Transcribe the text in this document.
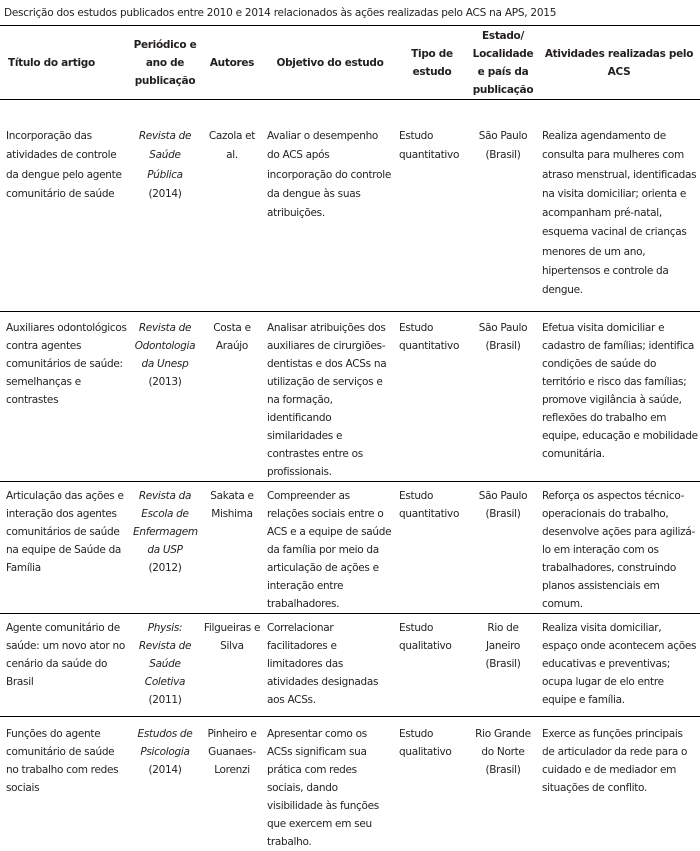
Descrição dos estudos publicados entre 2010 e 2014 relacionados às ações realizadas pelo ACS na APS, 2015
Título do artigo	Periódico e ano de publicação	Autores	Objetivo do estudo	Tipo de estudo	Estado/ Localidade e país da publicação	Atividades realizadas pelo ACS
Incorporação das atividades de controle da dengue pelo agente comunitário de saúde	Revista de Saúde Pública (2014)	Cazola et al.	Avaliar o desempenho do ACS após incorporação do controle da dengue às suas atribuições.	Estudo quantitativo	São Paulo (Brasil)	Realiza agendamento de consulta para mulheres com atraso menstrual, identificadas na visita domiciliar; orienta e acompanham pré-natal, esquema vacinal de crianças menores de um ano, hipertensos e controle da dengue.
Auxiliares odontológicos contra agentes comunitários de saúde: semelhanças e contrastes	Revista de Odontologia da Unesp (2013)	Costa e Araújo	Analisar atribuições dos auxiliares de cirurgiões-dentistas e dos ACSs na utilização de serviços e na formação, identificando similaridades e contrastes entre os profissionais.	Estudo quantitativo	São Paulo (Brasil)	Efetua visita domiciliar e cadastro de famílias; identifica condições de saúde do território e risco das famílias; promove vigilância à saúde, reflexões do trabalho em equipe, educação e mobilidade comunitária.
Articulação das ações e interação dos agentes comunitários de saúde na equipe de Saúde da Família	Revista da Escola de Enfermagem da USP (2012)	Sakata e Mishima	Compreender as relações sociais entre o ACS e a equipe de saúde da família por meio da articulação de ações e interação entre trabalhadores.	Estudo quantitativo	São Paulo (Brasil)	Reforça os aspectos técnico-operacionais do trabalho, desenvolve ações para agilizá-lo em interação com os trabalhadores, construindo planos assistenciais em comum.
Agente comunitário de saúde: um novo ator no cenário da saúde do Brasil	Physis: Revista de Saúde Coletiva (2011)	Filgueiras e Silva	Correlacionar facilitadores e limitadores das atividades designadas aos ACSs.	Estudo qualitativo	Rio de Janeiro (Brasil)	Realiza visita domiciliar, espaço onde acontecem ações educativas e preventivas; ocupa lugar de elo entre equipe e família.
Funções do agente comunitário de saúde no trabalho com redes sociais	Estudos de Psicologia (2014)	Pinheiro e Guanaes-Lorenzi	Apresentar como os ACSs significam sua prática com redes sociais, dando visibilidade às funções que exercem em seu trabalho.	Estudo qualitativo	Rio Grande do Norte (Brasil)	Exerce as funções principais de articulador da rede para o cuidado e de mediador em situações de conflito.
